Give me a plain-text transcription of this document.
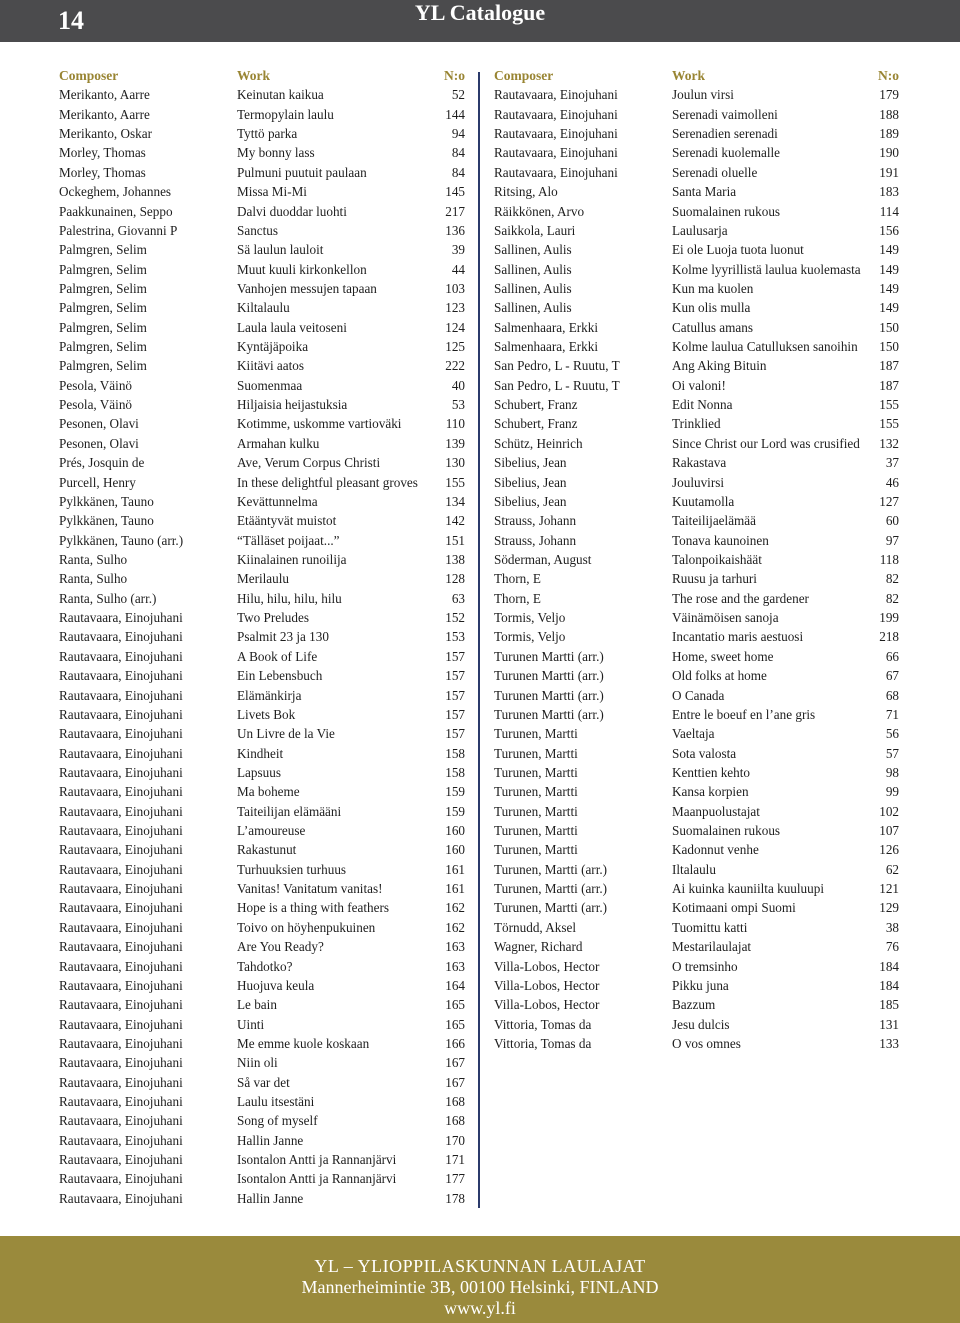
14	YL Catalogue
Composer	Work	N:o
Merikanto, Aarre	Keinutan kaikua	52
Merikanto, Aarre	Termopylain laulu	144
Merikanto, Oskar	Tyttö parka	94
Morley, Thomas	My bonny lass	84
Morley, Thomas	Pulmuni puutuit paulaan	84
Ockeghem, Johannes	Missa Mi-Mi	145
Paakkunainen, Seppo	Dalvi duoddar luohti	217
Palestrina, Giovanni P	Sanctus	136
Palmgren, Selim	Sä laulun lauloit	39
Palmgren, Selim	Muut kuuli kirkonkellon	44
Palmgren, Selim	Vanhojen messujen tapaan	103
Palmgren, Selim	Kiltalaulu	123
Palmgren, Selim	Laula laula veitoseni	124
Palmgren, Selim	Kyntäjäpoika	125
Palmgren, Selim	Kiitävi aatos	222
Pesola, Väinö	Suomenmaa	40
Pesola, Väinö	Hiljaisia heijastuksia	53
Pesonen, Olavi	Kotimme, uskomme vartioväki	110
Pesonen, Olavi	Armahan kulku	139
Prés, Josquin de	Ave, Verum Corpus Christi	130
Purcell, Henry	In these delightful pleasant groves 155
Pylkkänen, Tauno	Kevättunnelma	134
Pylkkänen, Tauno	Etääntyvät muistot	142
Pylkkänen, Tauno (arr.)	“Tälläset poijaat...”	151
Ranta, Sulho	Kiinalainen runoilija	138
Ranta, Sulho	Merilaulu	128
Ranta, Sulho (arr.)	Hilu, hilu, hilu, hilu	63
Rautavaara, Einojuhani	Two Preludes	152
Rautavaara, Einojuhani	Psalmit 23 ja 130	153
Rautavaara, Einojuhani	A Book of Life	157
Rautavaara, Einojuhani	Ein Lebensbuch	157
Rautavaara, Einojuhani	Elämänkirja	157
Rautavaara, Einojuhani	Livets Bok	157
Rautavaara, Einojuhani	Un Livre de la Vie	157
Rautavaara, Einojuhani	Kindheit	158
Rautavaara, Einojuhani	Lapsuus	158
Rautavaara, Einojuhani	Ma boheme	159
Rautavaara, Einojuhani	Taiteilijan elämääni	159
Rautavaara, Einojuhani	L’amoureuse	160
Rautavaara, Einojuhani	Rakastunut	160
Rautavaara, Einojuhani	Turhuuksien turhuus	161
Rautavaara, Einojuhani	Vanitas! Vanitatum vanitas!	161
Rautavaara, Einojuhani	Hope is a thing with feathers	162
Rautavaara, Einojuhani	Toivo on höyhenpukuinen	162
Rautavaara, Einojuhani	Are You Ready?	163
Rautavaara, Einojuhani	Tahdotko?	163
Rautavaara, Einojuhani	Huojuva keula	164
Rautavaara, Einojuhani	Le bain	165
Rautavaara, Einojuhani	Uinti	165
Rautavaara, Einojuhani	Me emme kuole koskaan	166
Rautavaara, Einojuhani	Niin oli	167
Rautavaara, Einojuhani	Så var det	167
Rautavaara, Einojuhani	Laulu itsestäni	168
Rautavaara, Einojuhani	Song of myself	168
Rautavaara, Einojuhani	Hallin Janne	170
Rautavaara, Einojuhani	Isontalon Antti ja Rannanjärvi	171
Rautavaara, Einojuhani	Isontalon Antti ja Rannanjärvi	177
Rautavaara, Einojuhani	Hallin Janne	178
Composer	Work	N:o
Rautavaara, Einojuhani	Joulun virsi	179
Rautavaara, Einojuhani	Serenadi vaimolleni	188
Rautavaara, Einojuhani	Serenadien serenadi	189
Rautavaara, Einojuhani	Serenadi kuolemalle	190
Rautavaara, Einojuhani	Serenadi oluelle	191
Ritsing, Alo	Santa Maria	183
Räikkönen, Arvo	Suomalainen rukous	114
Saikkola, Lauri	Laulusarja	156
Sallinen, Aulis	Ei ole Luoja tuota luonut	149
Sallinen, Aulis	Kolme lyyrillistä laulua kuolemasta 149
Sallinen, Aulis	Kun ma kuolen	149
Sallinen, Aulis	Kun olis mulla	149
Salmenhaara, Erkki	Catullus amans	150
Salmenhaara, Erkki	Kolme laulua Catulluksen sanoihin 150
San Pedro, L - Ruutu, T	Ang Aking Bituin	187
San Pedro, L - Ruutu, T	Oi valoni!	187
Schubert, Franz	Edit Nonna	155
Schubert, Franz	Trinklied	155
Schütz, Heinrich	Since Christ our Lord was crusified 132
Sibelius, Jean	Rakastava	37
Sibelius, Jean	Jouluvirsi	46
Sibelius, Jean	Kuutamolla	127
Strauss, Johann	Taiteilijaelämää	60
Strauss, Johann	Tonava kaunoinen	97
Söderman, August	Talonpoikaishäät	118
Thorn, E	Ruusu ja tarhuri	82
Thorn, E	The rose and the gardener	82
Tormis, Veljo	Väinämöisen sanoja	199
Tormis, Veljo	Incantatio maris aestuosi	218
Turunen Martti (arr.)	Home, sweet home	66
Turunen Martti (arr.)	Old folks at home	67
Turunen Martti (arr.)	O Canada	68
Turunen Martti (arr.)	Entre le boeuf en l’ane gris	71
Turunen, Martti	Vaeltaja	56
Turunen, Martti	Sota valosta	57
Turunen, Martti	Kenttien kehto	98
Turunen, Martti	Kansa korpien	99
Turunen, Martti	Maanpuolustajat	102
Turunen, Martti	Suomalainen rukous	107
Turunen, Martti	Kadonnut venhe	126
Turunen, Martti (arr.)	Iltalaulu	62
Turunen, Martti (arr.)	Ai kuinka kauniilta kuuluupi	121
Turunen, Martti (arr.)	Kotimaani ompi Suomi	129
Törnudd, Aksel	Tuomittu katti	38
Wagner, Richard	Mestarilaulajat	76
Villa-Lobos, Hector	O tremsinho	184
Villa-Lobos, Hector	Pikku juna	184
Villa-Lobos, Hector	Bazzum	185
Vittoria, Tomas da	Jesu dulcis	131
Vittoria, Tomas da	O vos omnes	133
YL – YLIOPPILASKUNNAN LAULAJAT
Mannerheimintie 3B, 00100 Helsinki, FINLAND
www.yl.fi
